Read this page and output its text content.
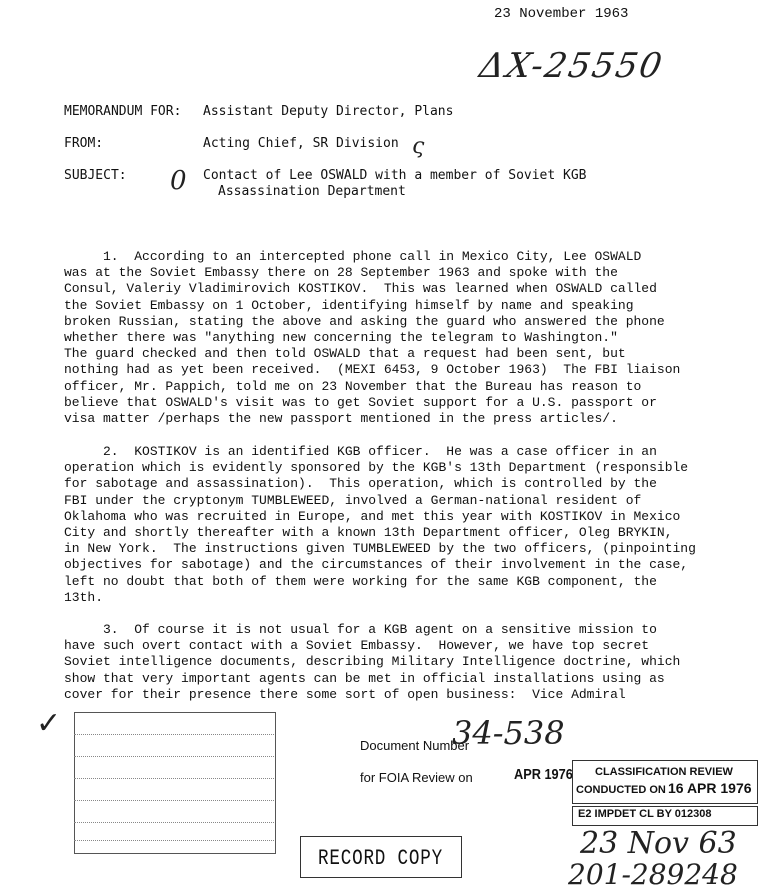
23 November 1963
ΔX-25550
MEMORANDUM FOR: Assistant Deputy Director, Plans
FROM:	Acting Chief, SR Division ς
SUBJECT: 0 Contact of Lee OSWALD with a member of Soviet KGB
Assassination Department
1.  According to an intercepted phone call in Mexico City, Lee OSWALD
was at the Soviet Embassy there on 28 September 1963 and spoke with the
Consul, Valeriy Vladimirovich KOSTIKOV.  This was learned when OSWALD called
the Soviet Embassy on 1 October, identifying himself by name and speaking
broken Russian, stating the above and asking the guard who answered the phone
whether there was "anything new concerning the telegram to Washington."
The guard checked and then told OSWALD that a request had been sent, but
nothing had as yet been received.  (MEXI 6453, 9 October 1963)  The FBI liaison
officer, Mr. Pappich, told me on 23 November that the Bureau has reason to
believe that OSWALD's visit was to get Soviet support for a U.S. passport or
visa matter /perhaps the new passport mentioned in the press articles/.
2.  KOSTIKOV is an identified KGB officer.  He was a case officer in an
operation which is evidently sponsored by the KGB's 13th Department (responsible
for sabotage and assassination).  This operation, which is controlled by the
FBI under the cryptonym TUMBLEWEED, involved a German-national resident of
Oklahoma who was recruited in Europe, and met this year with KOSTIKOV in Mexico
City and shortly thereafter with a known 13th Department officer, Oleg BRYKIN,
in New York.  The instructions given TUMBLEWEED by the two officers, (pinpointing
objectives for sabotage) and the circumstances of their involvement in the case,
left no doubt that both of them were working for the same KGB component, the
13th.
3.  Of course it is not usual for a KGB agent on a sensitive mission to
have such overt contact with a Soviet Embassy.  However, we have top secret
Soviet intelligence documents, describing Military Intelligence doctrine, which
show that very important agents can be met in official installations using as
cover for their presence there some sort of open business:  Vice Admiral
✓
Document Number
34-538
for FOIA Review on	APR 1976 CLASSIFICATION REVIEW
CONDUCTED ON 16 APR 1976
E2 IMPDET CL BY 012308
RECORD COPY	23 Nov 63
201-289248
